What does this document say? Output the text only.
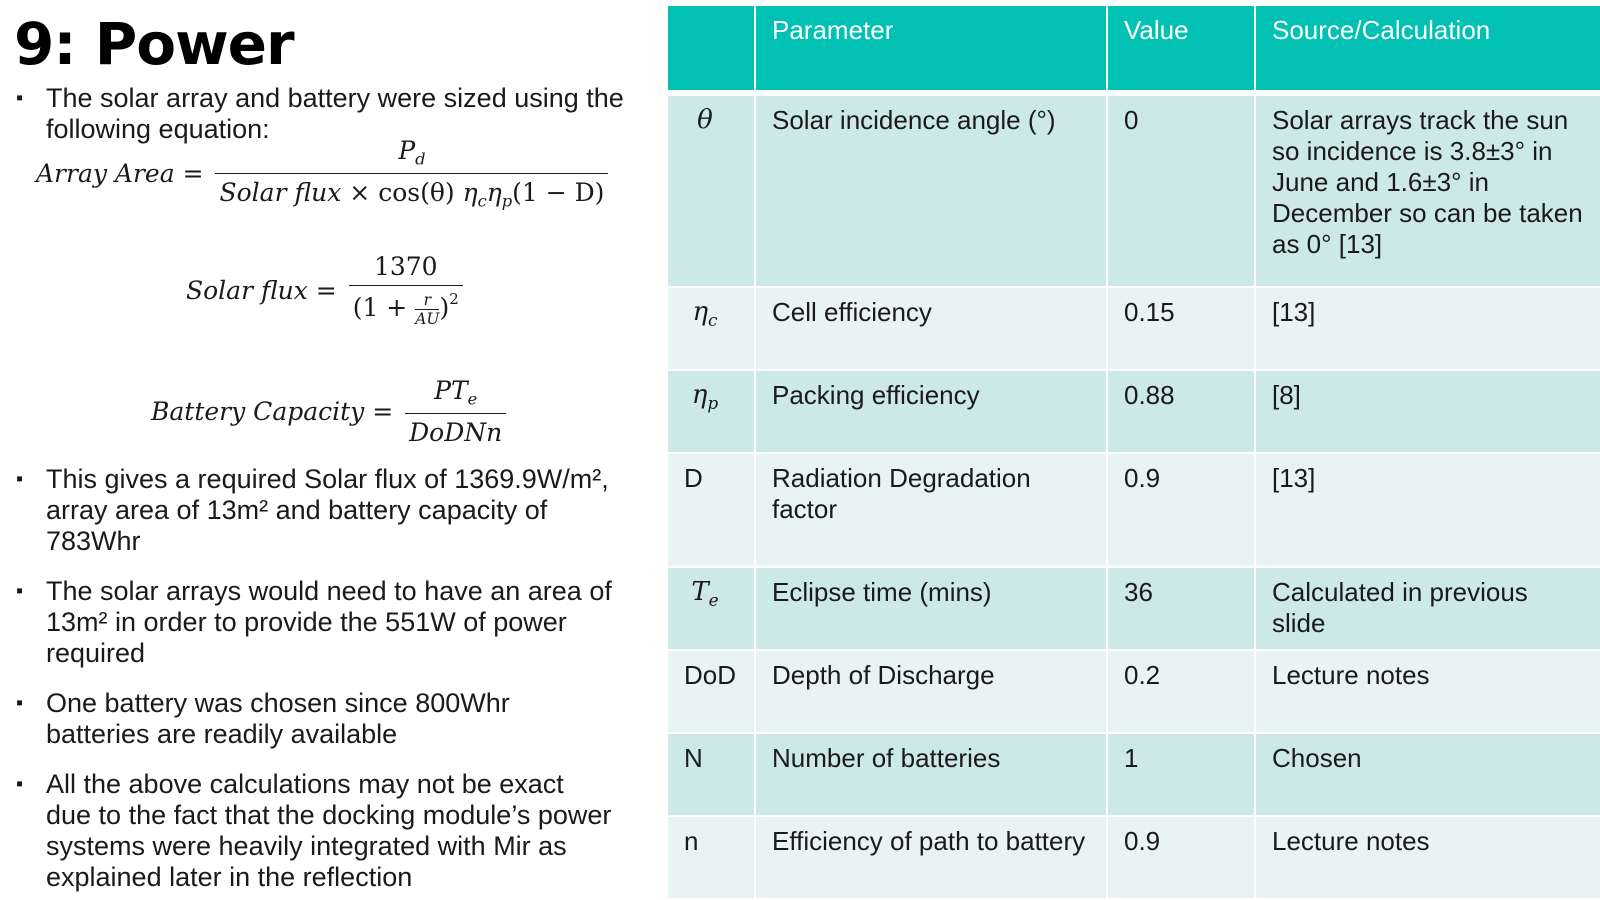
9: Power
▪ The solar array and battery were sized using the following equation:
Array Area = $\frac{P_d}{Solar flux \times \cos(\theta) \eta_c\eta_p(1 - D)}$
Solar flux = $\frac{1370}{(1 + \frac{r}{AU} )^2}$
Battery Capacity = $\frac{PT_e}{\text{DoDNn}}$
▪ This gives a required Solar flux of 1369.9W/m², array area of 13m² and battery capacity of 783Whr
▪ The solar arrays would need to have an area of 13m² in order to provide the 551W of power required
▪ One battery was chosen since 800Whr batteries are readily available
▪ All the above calculations may not be exact due to the fact that the docking module’s power systems were heavily integrated with Mir as explained later in the reflection
	Parameter	Value	Source/Calculation
θ	Solar incidence angle (°)	0	Solar arrays track the sun so incidence is 3.8±3° in June and 1.6±3° in December so can be taken as 0° [13]
$\eta_c$	Cell efficiency	0.15	[13]
$\eta_p$	Packing efficiency	0.88	[8]
D	Radiation Degradation factor	0.9	[13]
$T_e$	Eclipse time (mins)	36	Calculated in previous slide
DoD	Depth of Discharge	0.2	Lecture notes
N	Number of batteries	1	Chosen
n	Efficiency of path to battery	0.9	Lecture notes
